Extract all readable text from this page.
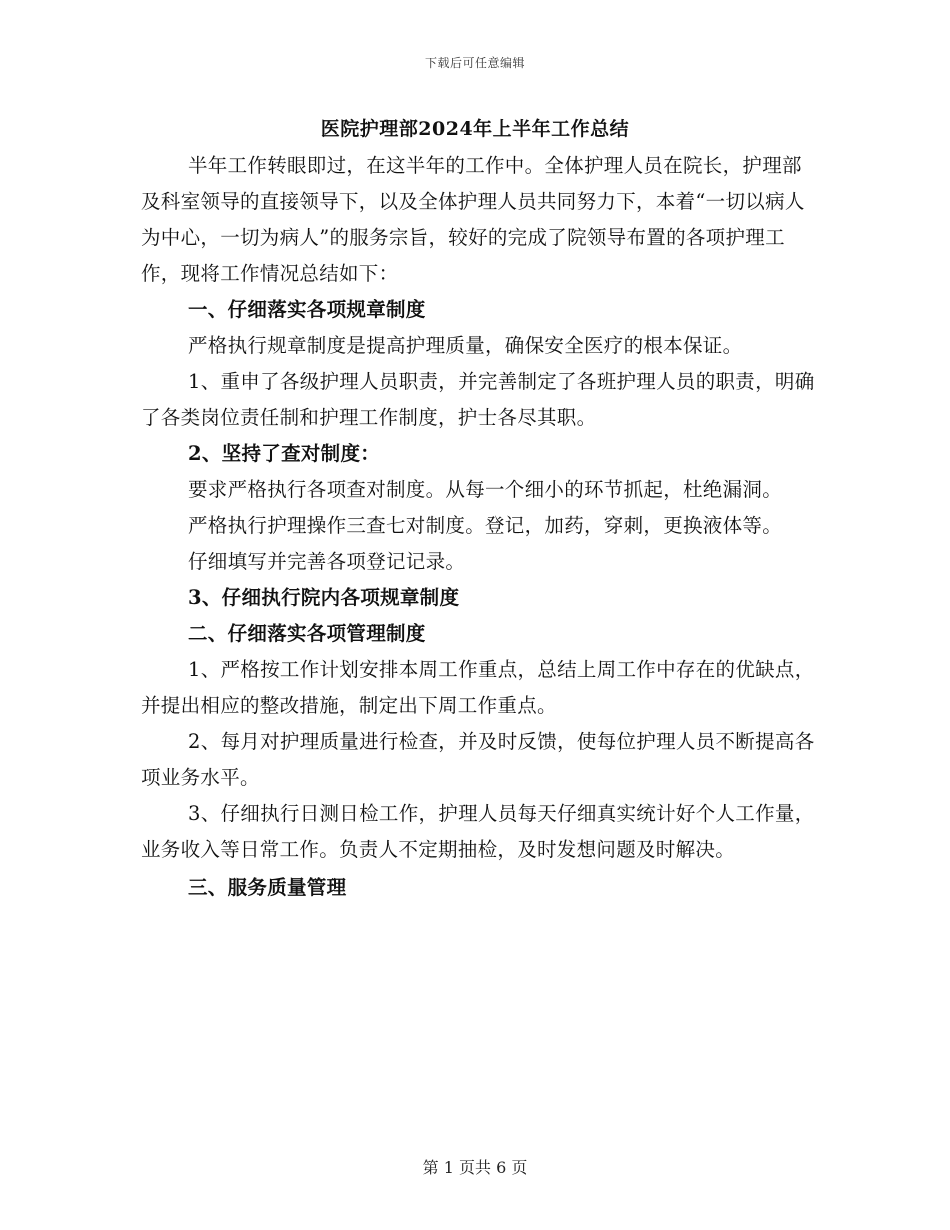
下载后可任意编辑
医院护理部2024年上半年工作总结

半年工作转眼即过，在这半年的工作中。全体护理人员在院长，护理部及科室领导的直接领导下，以及全体护理人员共同努力下，本着“一切以病人为中心，一切为病人”的服务宗旨，较好的完成了院领导布置的各项护理工作，现将工作情况总结如下：

一、仔细落实各项规章制度

严格执行规章制度是提高护理质量，确保安全医疗的根本保证。

1、重申了各级护理人员职责，并完善制定了各班护理人员的职责，明确了各类岗位责任制和护理工作制度，护士各尽其职。

2、坚持了查对制度：

要求严格执行各项查对制度。从每一个细小的环节抓起，杜绝漏洞。

严格执行护理操作三查七对制度。登记，加药，穿刺，更换液体等。

仔细填写并完善各项登记记录。

3、仔细执行院内各项规章制度

二、仔细落实各项管理制度

1、严格按工作计划安排本周工作重点，总结上周工作中存在的优缺点，并提出相应的整改措施，制定出下周工作重点。

2、每月对护理质量进行检查，并及时反馈，使每位护理人员不断提高各项业务水平。

3、仔细执行日测日检工作，护理人员每天仔细真实统计好个人工作量，业务收入等日常工作。负责人不定期抽检，及时发想问题及时解决。

三、服务质量管理

第 1 页共 6 页
